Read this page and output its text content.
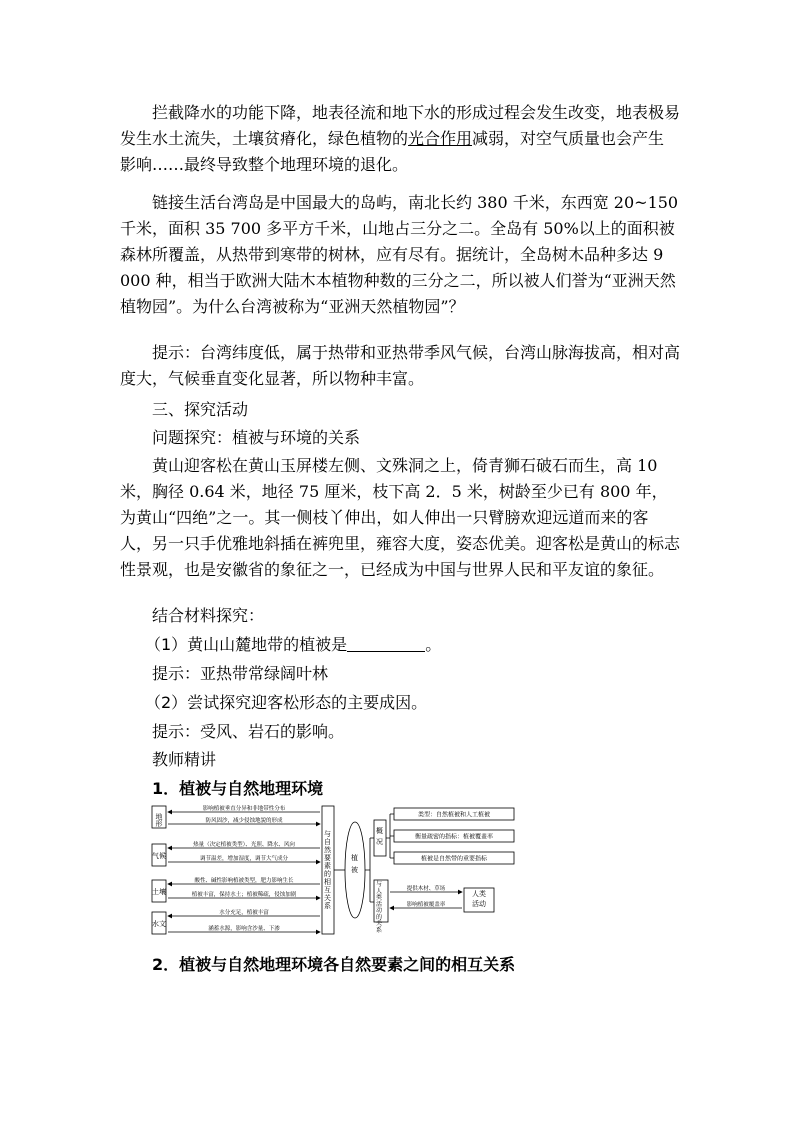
拦截降水的功能下降，地表径流和地下水的形成过程会发生改变，地表极易发生水土流失，土壤贫瘠化，绿色植物的光合作用减弱，对空气质量也会产生影响……最终导致整个地理环境的退化。

链接生活台湾岛是中国最大的岛屿，南北长约 380 千米，东西宽 20~150 千米，面积 35 700 多平方千米，山地占三分之二。全岛有 50%以上的面积被森林所覆盖，从热带到寒带的树林，应有尽有。据统计，全岛树木品种多达 9 000 种，相当于欧洲大陆木本植物种数的三分之二，所以被人们誉为“亚洲天然植物园”。为什么台湾被称为“亚洲天然植物园”？

提示：台湾纬度低，属于热带和亚热带季风气候，台湾山脉海拔高，相对高度大，气候垂直变化显著，所以物种丰富。

三、探究活动

问题探究：植被与环境的关系

黄山迎客松在黄山玉屏楼左侧、文殊洞之上，倚青狮石破石而生，高 10 米，胸径 0.64 米，地径 75 厘米，枝下高 2．5 米，树龄至少已有 800 年，为黄山“四绝”之一。其一侧枝丫伸出，如人伸出一只臂膀欢迎远道而来的客人，另一只手优雅地斜插在裤兜里，雍容大度，姿态优美。迎客松是黄山的标志性景观，也是安徽省的象征之一，已经成为中国与世界人民和平友谊的象征。

结合材料探究：

（1）黄山山麓地带的植被是	。

提示：亚热带常绿阔叶林

（2）尝试探究迎客松形态的主要成因。

提示：受风、岩石的影响。

教师精讲

1．植被与自然地理环境

地形
气候
土壤
水文
影响植被垂直分异和非地带性分布
防风固沙，减少侵蚀地貌的形成
热量（决定植被类型）、光照、降水、风向
调节温差，增加湿度，调节大气成分
酸性、碱性影响植被类型，肥力影响生长
植被丰富，保持水土；植被稀疏，侵蚀加剧
水分充足，植被丰富
涵蓄水源，影响含沙量、下渗
与自然要素的相互关系
植被
概况
类型：自然植被和人工植被
衡量疏密的指标：植被覆盖率
植被是自然带的重要指标
与人类活动的关系
提供木材、草场
影响植被覆盖率
人类活动

2．植被与自然地理环境各自然要素之间的相互关系
